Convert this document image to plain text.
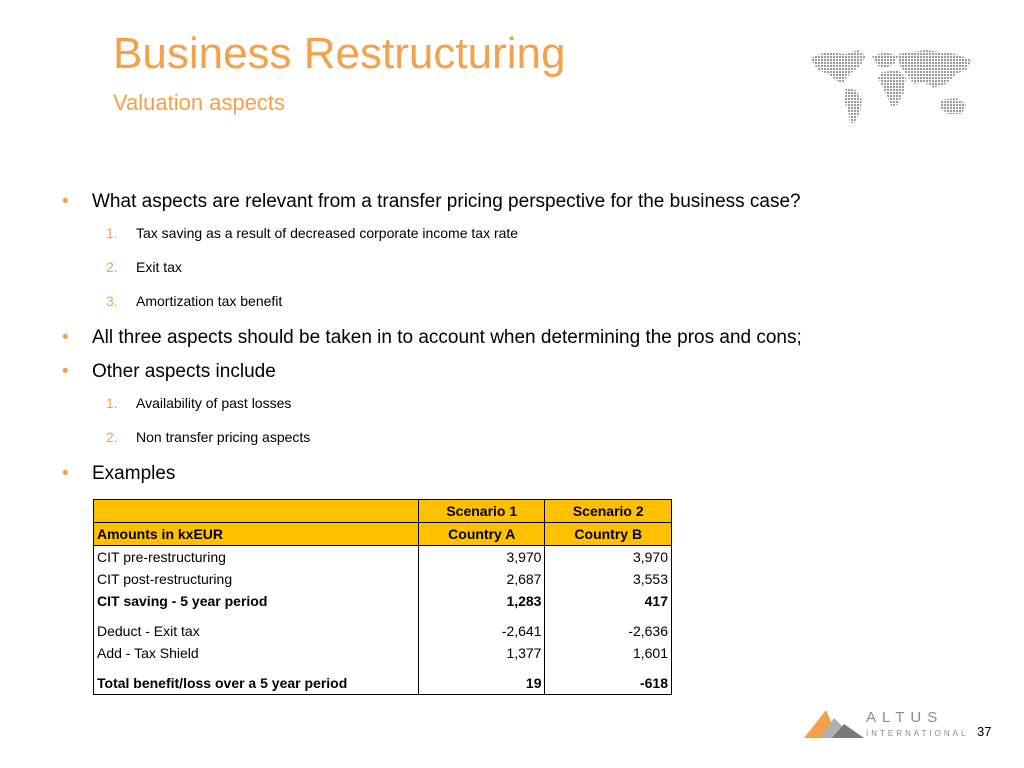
Business Restructuring
Valuation aspects
• What aspects are relevant from a transfer pricing perspective for the business case?
1. Tax saving as a result of decreased corporate income tax rate
2. Exit tax
3. Amortization tax benefit
• All three aspects should be taken in to account when determining the pros and cons;
• Other aspects include
1. Availability of past losses
2. Non transfer pricing aspects
• Examples
	Scenario 1	Scenario 2
Amounts in kxEUR	Country A	Country B
CIT pre-restructuring	3,970	3,970
CIT post-restructuring	2,687	3,553
CIT saving - 5 year period	1,283	417

Deduct - Exit tax	-2,641	-2,636
Add - Tax Shield	1,377	1,601

Total benefit/loss over a 5 year period	19	-618
ALTUS
INTERNATIONAL 37
